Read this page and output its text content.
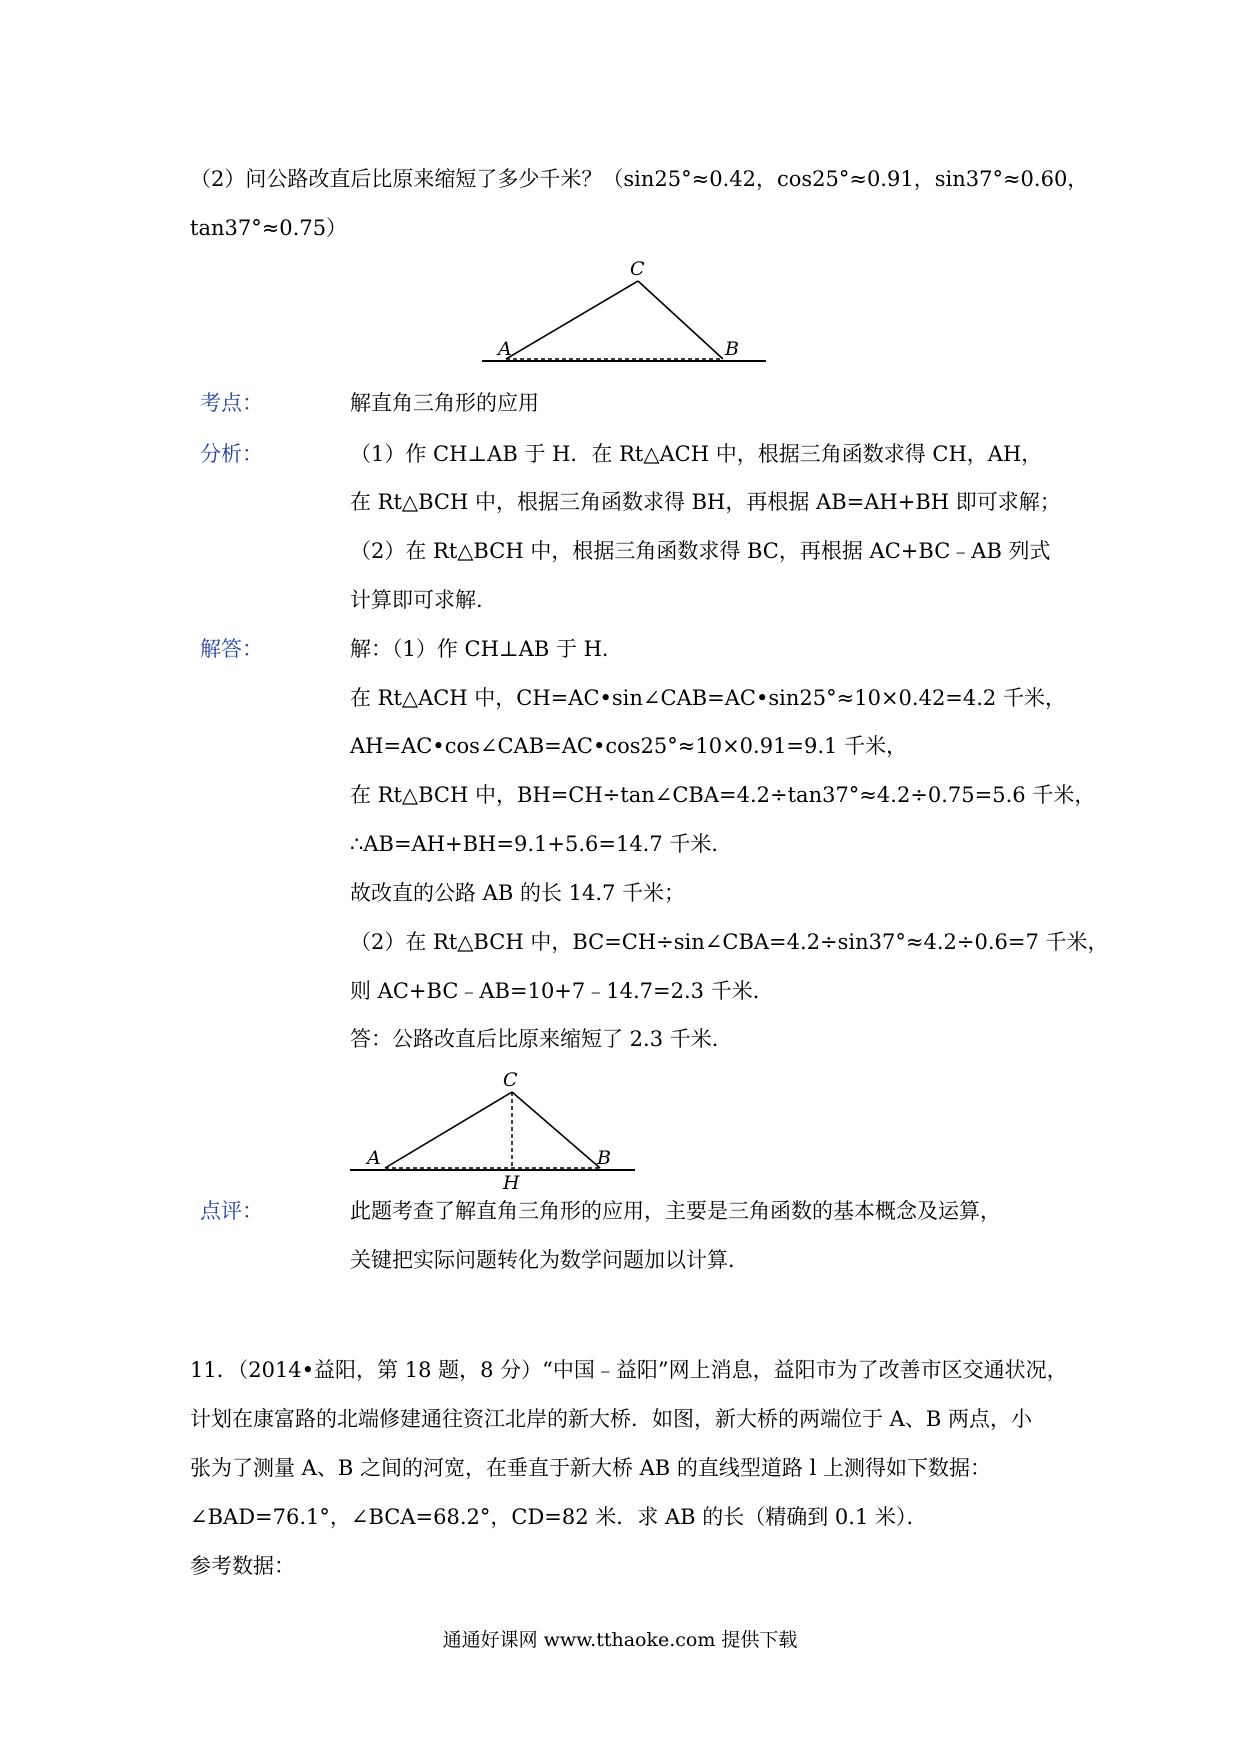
（2）问公路改直后比原来缩短了多少千米？（sin25°≈0.42，cos25°≈0.91，sin37°≈0.60，
tan37°≈0.75）
C
A	B
考点：	解直角三角形的应用
分析：	（1）作 CH⊥AB 于 H．在 Rt△ACH 中，根据三角函数求得 CH，AH，
在 Rt△BCH 中，根据三角函数求得 BH，再根据 AB=AH+BH 即可求解；
（2）在 Rt△BCH 中，根据三角函数求得 BC，再根据 AC+BC﹣AB 列式
计算即可求解．
解答：	解：（1）作 CH⊥AB 于 H．
在 Rt△ACH 中，CH=AC•sin∠CAB=AC•sin25°≈10×0.42=4.2 千米，
AH=AC•cos∠CAB=AC•cos25°≈10×0.91=9.1 千米，
在 Rt△BCH 中，BH=CH÷tan∠CBA=4.2÷tan37°≈4.2÷0.75=5.6 千米，
∴AB=AH+BH=9.1+5.6=14.7 千米．
故改直的公路 AB 的长 14.7 千米；
（2）在 Rt△BCH 中，BC=CH÷sin∠CBA=4.2÷sin37°≈4.2÷0.6=7 千米，
则 AC+BC﹣AB=10+7﹣14.7=2.3 千米．
答：公路改直后比原来缩短了 2.3 千米．
C
A	B
H
点评：	此题考查了解直角三角形的应用，主要是三角函数的基本概念及运算，
关键把实际问题转化为数学问题加以计算．
11．（2014•益阳，第 18 题，8 分）“中国﹣益阳”网上消息，益阳市为了改善市区交通状况，
计划在康富路的北端修建通往资江北岸的新大桥．如图，新大桥的两端位于 A、B 两点，小
张为了测量 A、B 之间的河宽，在垂直于新大桥 AB 的直线型道路 l 上测得如下数据：
∠BAD=76.1°，∠BCA=68.2°，CD=82 米．求 AB 的长（精确到 0.1 米）．
参考数据：
通通好课网 www.tthaoke.com 提供下载
